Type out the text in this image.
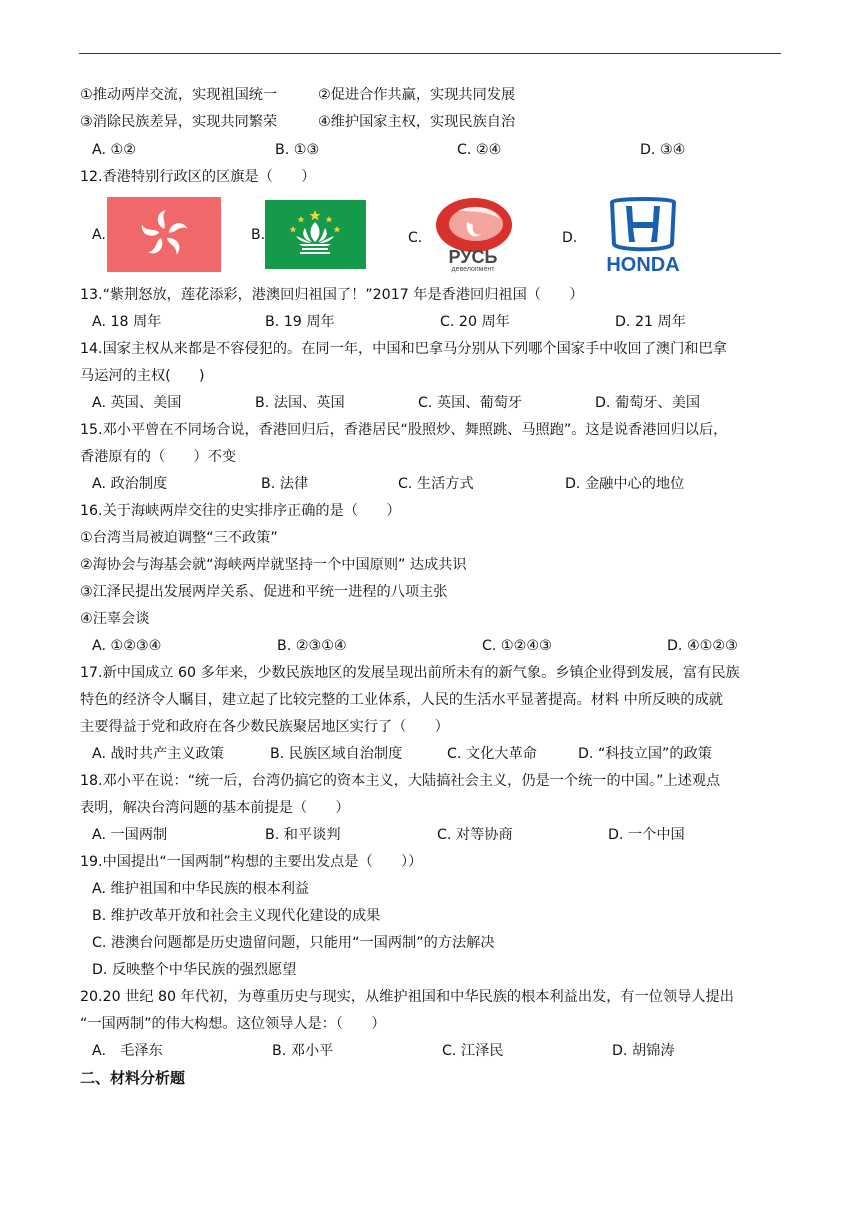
①推动两岸交流，实现祖国统一	②促进合作共赢，实现共同发展
③消除民族差异，实现共同繁荣	④维护国家主权，实现民族自治
A. ①②	B. ①③	C. ②④	D. ③④
12.香港特别行政区的区旗是（　　）
A.	B.	C.
РУСЬ
девелопмент
D.
HONDA
13.“紫荆怒放，莲花添彩，港澳回归祖国了！”2017 年是香港回归祖国（　　）
A. 18 周年	B. 19 周年	C. 20 周年	D. 21 周年
14.国家主权从来都是不容侵犯的。在同一年，中国和巴拿马分别从下列哪个国家手中收回了澳门和巴拿
马运河的主权(　　)
A. 英国、美国	B. 法国、英国	C. 英国、葡萄牙	D. 葡萄牙、美国
15.邓小平曾在不同场合说，香港回归后，香港居民“股照炒、舞照跳、马照跑”。这是说香港回归以后，
香港原有的（　　）不变
A. 政治制度	B. 法律	C. 生活方式	D. 金融中心的地位
16.关于海峡两岸交往的史实排序正确的是（　　）
①台湾当局被迫调整“三不政策”
②海协会与海基会就“海峡两岸就坚持一个中国原则” 达成共识
③江泽民提出发展两岸关系、促进和平统一进程的八项主张
④汪辜会谈
A. ①②③④	B. ②③①④	C. ①②④③	D. ④①②③
17.新中国成立 60 多年来，少数民族地区的发展呈现出前所未有的新气象。乡镇企业得到发展，富有民族
特色的经济令人瞩目，建立起了比较完整的工业体系，人民的生活水平显著提高。材料 中所反映的成就
主要得益于党和政府在各少数民族聚居地区实行了（　　）
A. 战时共产主义政策	B. 民族区域自治制度	C. 文化大革命	D. “科技立国”的政策
18.邓小平在说：“统一后，台湾仍搞它的资本主义，大陆搞社会主义，仍是一个统一的中国。”上述观点
表明，解决台湾问题的基本前提是（　　）
A. 一国两制	B. 和平谈判	C. 对等协商	D. 一个中国
19.中国提出“一国两制”构想的主要出发点是（　　））
A. 维护祖国和中华民族的根本利益
B. 维护改革开放和社会主义现代化建设的成果
C. 港澳台问题都是历史遗留问题，只能用“一国两制”的方法解决
D. 反映整个中华民族的强烈愿望
20.20 世纪 80 年代初，为尊重历史与现实，从维护祖国和中华民族的根本利益出发，有一位领导人提出
“一国两制”的伟大构想。这位领导人是：（　　）
A.　毛泽东	B. 邓小平	C. 江泽民	D. 胡锦涛
二、材料分析题
